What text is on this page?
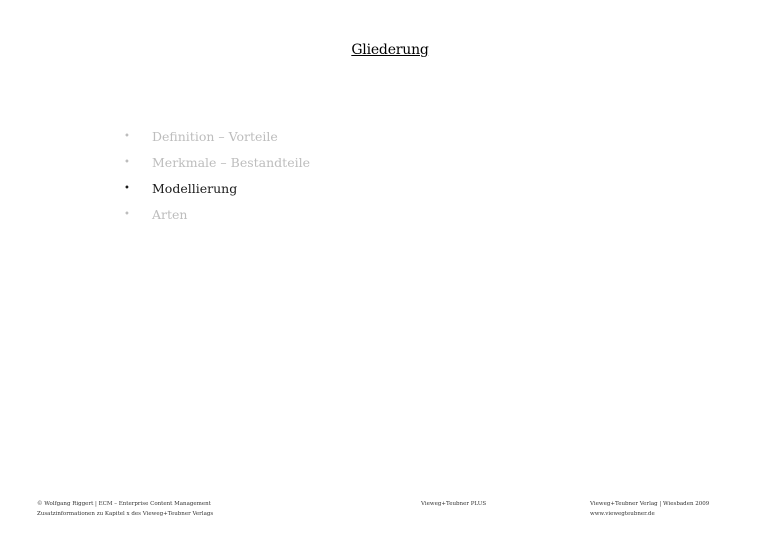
Gliederung
• Definition – Vorteile
• Merkmale – Bestandteile
• Modellierung
• Arten
© Wolfgang Riggert | ECM – Enterprise Content Management
Zusatzinformationen zu Kapitel x des Vieweg+Teubner Verlags
Vieweg+Teubner PLUS	Vieweg+Teubner Verlag | Wiesbaden 2009
www.viewegteubner.de
